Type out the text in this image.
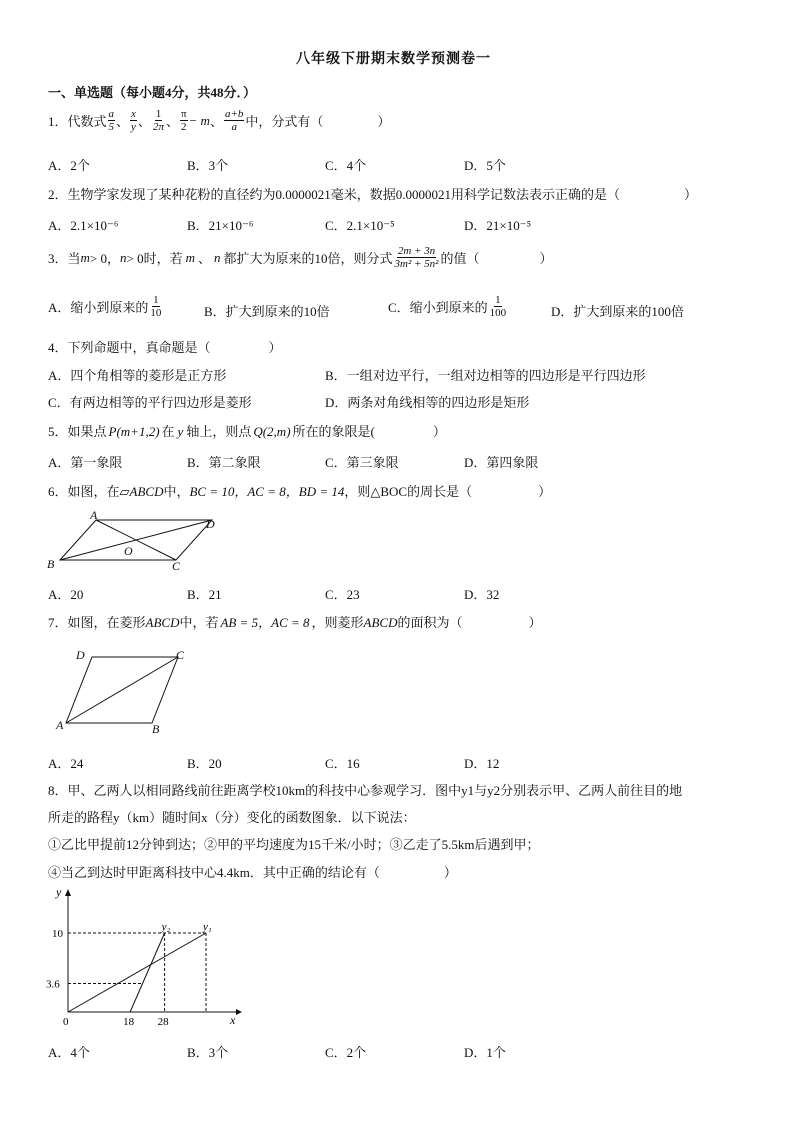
八年级下册期末数学预测卷一
一、单选题（每小题4分，共48分．）
1．代数式 $\frac{a}{5}$ 、 $\frac{x}{y}$ 、 $\frac{1}{2\pi}$ 、 $\frac{\pi}{2} - m$ 、 $\frac{a+b}{a}$ 中，分式有（	）
A．2个	B．3个	C．4个	D．5个
2．生物学家发现了某种花粉的直径约为0.0000021毫米，数据0.0000021用科学记数法表示正确的是（	）
A．2.1×10⁻⁶	B．21×10⁻⁶	C．2.1×10⁻⁵	D．21×10⁻⁵
3．当 m > 0， n > 0时，若 m 、 n 都扩大为原来的10倍，则分式 $\frac{2m + 3n}{\text{3m² + 5n²}}$ 的值（	）
A．缩小到原来的 $\frac{1}{10}$	B．扩大到原来的10倍	C．缩小到原来的 $\frac{1}{100}$	D．扩大到原来的100倍
4．下列命题中，真命题是（	）
A．四个角相等的菱形是正方形	B．一组对边平行，一组对边相等的四边形是平行四边形
C．有两边相等的平行四边形是菱形	D．两条对角线相等的四边形是矩形
5．如果点 P(m+1,2) 在 y 轴上，则点 Q(2,m) 所在的象限是(	）
A．第一象限	B．第二象限	C．第三象限	D．第四象限
6．如图，在▱ABCD中，BC = 10，AC = 8，BD = 14，则△BOC的周长是（	）
A
B	C
D
O
A．20	B．21	C．23	D．32
7．如图，在菱形ABCD中，若 AB = 5，AC = 8 ，则菱形ABCD的面积为（	）
D	C
A	B
A．24	B．20	C．16	D．12
8．甲、乙两人以相同路线前往距离学校10km的科技中心参观学习．图中y1与y2分别表示甲、乙两人前往目的地
所走的路程y（km）随时间x（分）变化的函数图象．以下说法：
①乙比甲提前12分钟到达；②甲的平均速度为15千米/小时；③乙走了5.5km后遇到甲；
④当乙到达时甲距离科技中心4.4km．其中正确的结论有（	）
x
y
0	18 28
10
3.6
y₂	y₁
A．4个	B．3个	C．2个	D．1个
